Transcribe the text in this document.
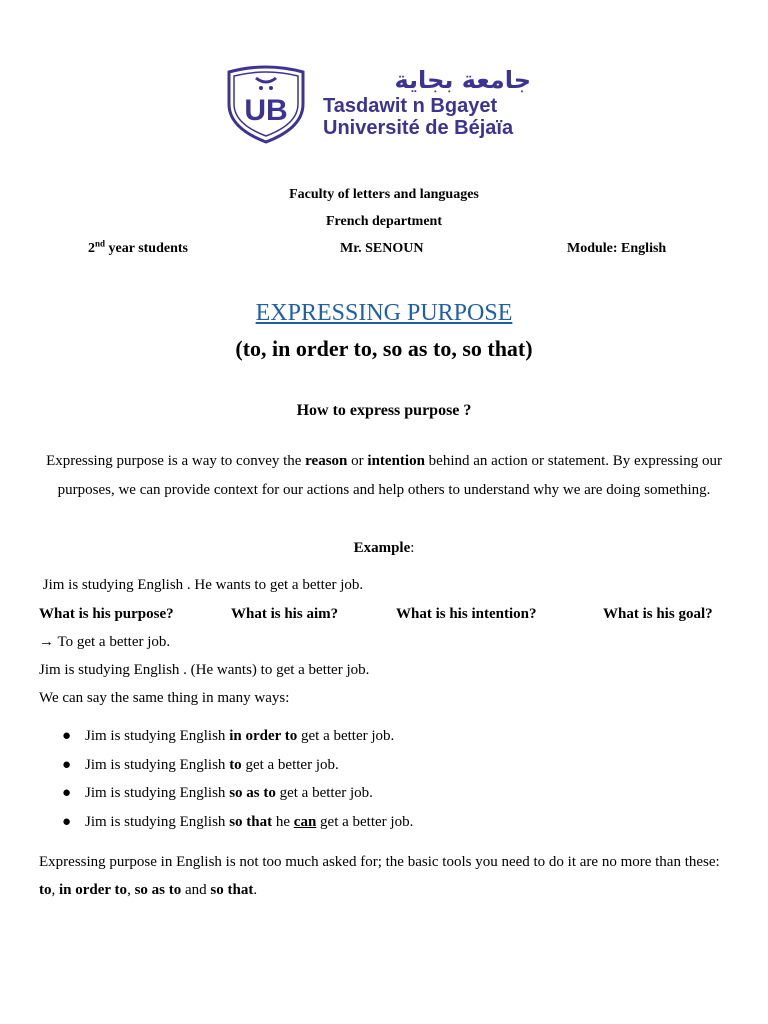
UB
جامعة بجاية
Tasdawit n Bgayet
Université de Béjaïa
Faculty of letters and languages
French department
2nd year students	Mr. SENOUN	Module: English
EXPRESSING PURPOSE
(to, in order to, so as to, so that)
How to express purpose ?
Expressing purpose is a way to convey the reason or intention behind an action or statement. By expressing our purposes, we can provide context for our actions and help others to understand why we are doing something.
Example:
Jim is studying English . He wants to get a better job.
What is his purpose?	What is his aim?	What is his intention?	What is his goal?
→ To get a better job.
Jim is studying English . (He wants) to get a better job.
We can say the same thing in many ways:
● Jim is studying English in order to get a better job.
● Jim is studying English to get a better job.
● Jim is studying English so as to get a better job.
● Jim is studying English so that he can get a better job.
Expressing purpose in English is not too much asked for; the basic tools you need to do it are no more than these: to, in order to, so as to and so that.
